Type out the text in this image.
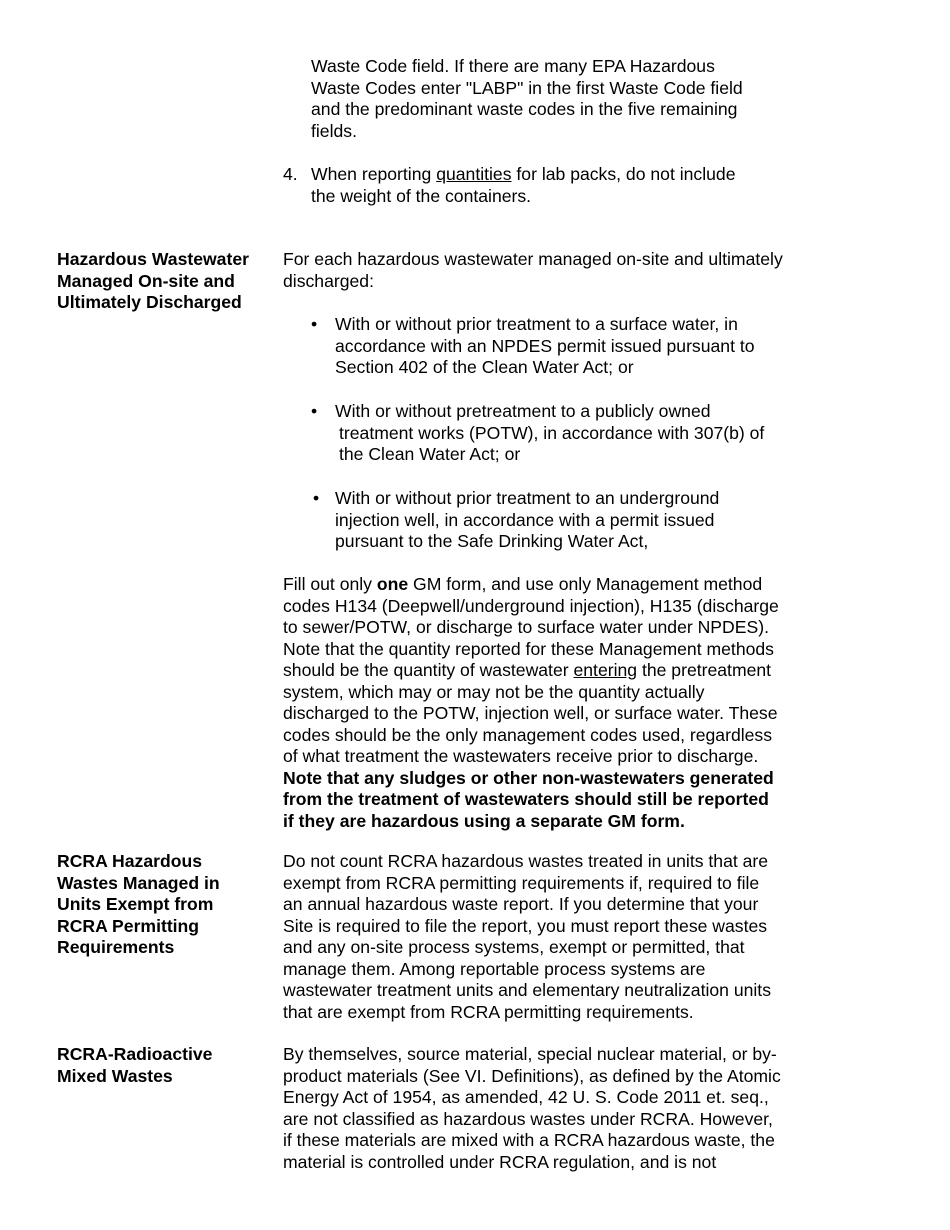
Waste Code field. If there are many EPA Hazardous
Waste Codes enter "LABP" in the first Waste Code field
and the predominant waste codes in the five remaining
fields.
4. When reporting quantities for lab packs, do not include
the weight of the containers.
Hazardous Wastewater
Managed On-site and
Ultimately Discharged
For each hazardous wastewater managed on-site and ultimately
discharged:
• With or without prior treatment to a surface water, in
accordance with an NPDES permit issued pursuant to
Section 402 of the Clean Water Act; or
• With or without pretreatment to a publicly owned
treatment works (POTW), in accordance with 307(b) of
the Clean Water Act; or
• With or without prior treatment to an underground
injection well, in accordance with a permit issued
pursuant to the Safe Drinking Water Act,
Fill out only one GM form, and use only Management method
codes H134 (Deepwell/underground injection), H135 (discharge
to sewer/POTW, or discharge to surface water under NPDES).
Note that the quantity reported for these Management methods
should be the quantity of wastewater entering the pretreatment
system, which may or may not be the quantity actually
discharged to the POTW, injection well, or surface water. These
codes should be the only management codes used, regardless
of what treatment the wastewaters receive prior to discharge.
Note that any sludges or other non-wastewaters generated
from the treatment of wastewaters should still be reported
if they are hazardous using a separate GM form.
RCRA Hazardous
Wastes Managed in
Units Exempt from
RCRA Permitting
Requirements
Do not count RCRA hazardous wastes treated in units that are
exempt from RCRA permitting requirements if, required to file
an annual hazardous waste report. If you determine that your
Site is required to file the report, you must report these wastes
and any on-site process systems, exempt or permitted, that
manage them. Among reportable process systems are
wastewater treatment units and elementary neutralization units
that are exempt from RCRA permitting requirements.
RCRA-Radioactive
Mixed Wastes
By themselves, source material, special nuclear material, or by-
product materials (See VI. Definitions), as defined by the Atomic
Energy Act of 1954, as amended, 42 U. S. Code 2011 et. seq.,
are not classified as hazardous wastes under RCRA. However,
if these materials are mixed with a RCRA hazardous waste, the
material is controlled under RCRA regulation, and is not
